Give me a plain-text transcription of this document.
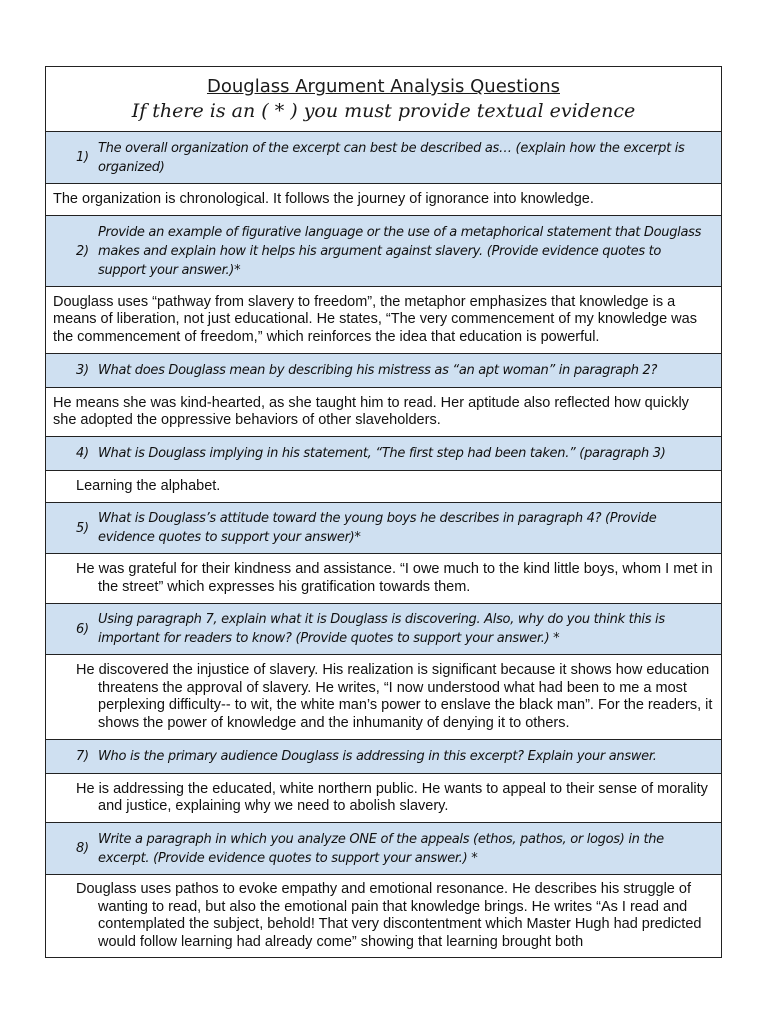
Douglass Argument Analysis Questions
If there is an ( * ) you must provide textual evidence
1)
The overall organization of the excerpt can best be described as… (explain how the excerpt is organized)
The organization is chronological. It follows the journey of ignorance into knowledge.
2)
Provide an example of figurative language or the use of a metaphorical statement that Douglass makes and explain how it helps his argument against slavery. (Provide evidence quotes to support your answer.)*
Douglass uses “pathway from slavery to freedom”, the metaphor emphasizes that knowledge is a means of liberation, not just educational. He states, “The very commencement of my knowledge was the commencement of freedom,” which reinforces the idea that education is powerful.
3) What does Douglass mean by describing his mistress as “an apt woman” in paragraph 2?
He means she was kind-hearted, as she taught him to read. Her aptitude also reflected how quickly she adopted the oppressive behaviors of other slaveholders.
4) What is Douglass implying in his statement, “The first step had been taken.” (paragraph 3)
Learning the alphabet.
5)
What is Douglass’s attitude toward the young boys he describes in paragraph 4? (Provide evidence quotes to support your answer)*
He was grateful for their kindness and assistance. “I owe much to the kind little boys, whom I met in the street” which expresses his gratification towards them.
6)
Using paragraph 7, explain what it is Douglass is discovering. Also, why do you think this is important for readers to know? (Provide quotes to support your answer.) *
He discovered the injustice of slavery. His realization is significant because it shows how education threatens the approval of slavery. He writes, “I now understood what had been to me a most perplexing difficulty-- to wit, the white man’s power to enslave the black man”. For the readers, it shows the power of knowledge and the inhumanity of denying it to others.
7) Who is the primary audience Douglass is addressing in this excerpt? Explain your answer.
He is addressing the educated, white northern public. He wants to appeal to their sense of morality and justice, explaining why we need to abolish slavery.
8)
Write a paragraph in which you analyze ONE of the appeals (ethos, pathos, or logos) in the excerpt. (Provide evidence quotes to support your answer.) *
Douglass uses pathos to evoke empathy and emotional resonance. He describes his struggle of wanting to read, but also the emotional pain that knowledge brings. He writes “As I read and contemplated the subject, behold! That very discontentment which Master Hugh had predicted would follow learning had already come” showing that learning brought both
